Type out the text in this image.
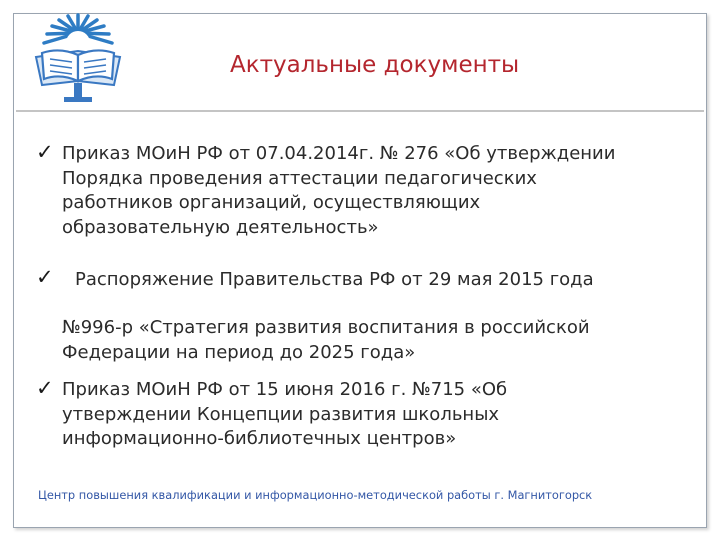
Актуальные документы
✓ Приказ МОиН РФ от 07.04.2014г. № 276 «Об утверждении
Порядка проведения аттестации педагогических
работников организаций, осуществляющих
образовательную деятельность»
✓ Распоряжение Правительства РФ от 29 мая 2015 года
№996-р «Стратегия развития воспитания в российской
Федерации на период до 2025 года»
✓ Приказ МОиН РФ от 15 июня 2016 г. №715 «Об
утверждении Концепции развития школьных
информационно-библиотечных центров»
Центр повышения квалификации и информационно-методической работы г. Магнитогорск
